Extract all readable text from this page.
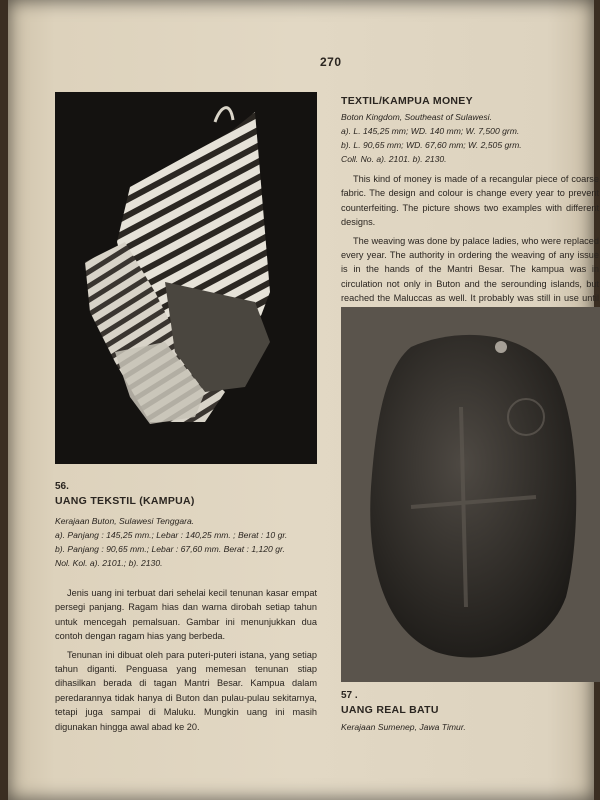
270
TEXTIL/KAMPUA MONEY
Boton Kingdom, Southeast of Sulawesi.
a). L. 145,25 mm; WD. 140 mm; W. 7,500 grm.
b). L. 90,65 mm; WD. 67,60 mm; W. 2,505 grm.
Coll. No. a). 2101. b). 2130.

This kind of money is made of a recangular piece of coarse fabric. The design and colour is change every year to prevent counterfeiting. The picture shows two examples with different designs.

The weaving was done by palace ladies, who were replaced every year. The authority in ordering the weaving of any issue is in the hands of the Mantri Besar. The kampua was in circulation not only in Buton and the serounding islands, but reached the Maluccas as well. It probably was still in use until

56.
UANG TEKSTIL (KAMPUA)
Kerajaan Buton, Sulawesi Tenggara.
a). Panjang : 145,25 mm.; Lebar : 140,25 mm. ; Berat : 10 gr.
b). Panjang : 90,65 mm.; Lebar : 67,60 mm. Berat : 1,120 gr.
Nol. Kol. a). 2101.; b). 2130.

Jenis uang ini terbuat dari sehelai kecil tenunan kasar empat persegi panjang. Ragam hias dan warna dirobah setiap tahun untuk mencegah pemalsuan. Gambar ini menunjukkan dua contoh dengan ragam hias yang berbeda.

Tenunan ini dibuat oleh para puteri-puteri istana, yang setiap tahun diganti. Penguasa yang memesan tenunan stiap dihasilkan berada di tagan Mantri Besar. Kampua dalam peredarannya tidak hanya di Buton dan pulau-pulau sekitarnya, tetapi juga sampai di Maluku. Mungkin uang ini masih digunakan hingga awal abad ke 20.

57 .
UANG REAL BATU
Kerajaan Sumenep, Jawa Timur.
